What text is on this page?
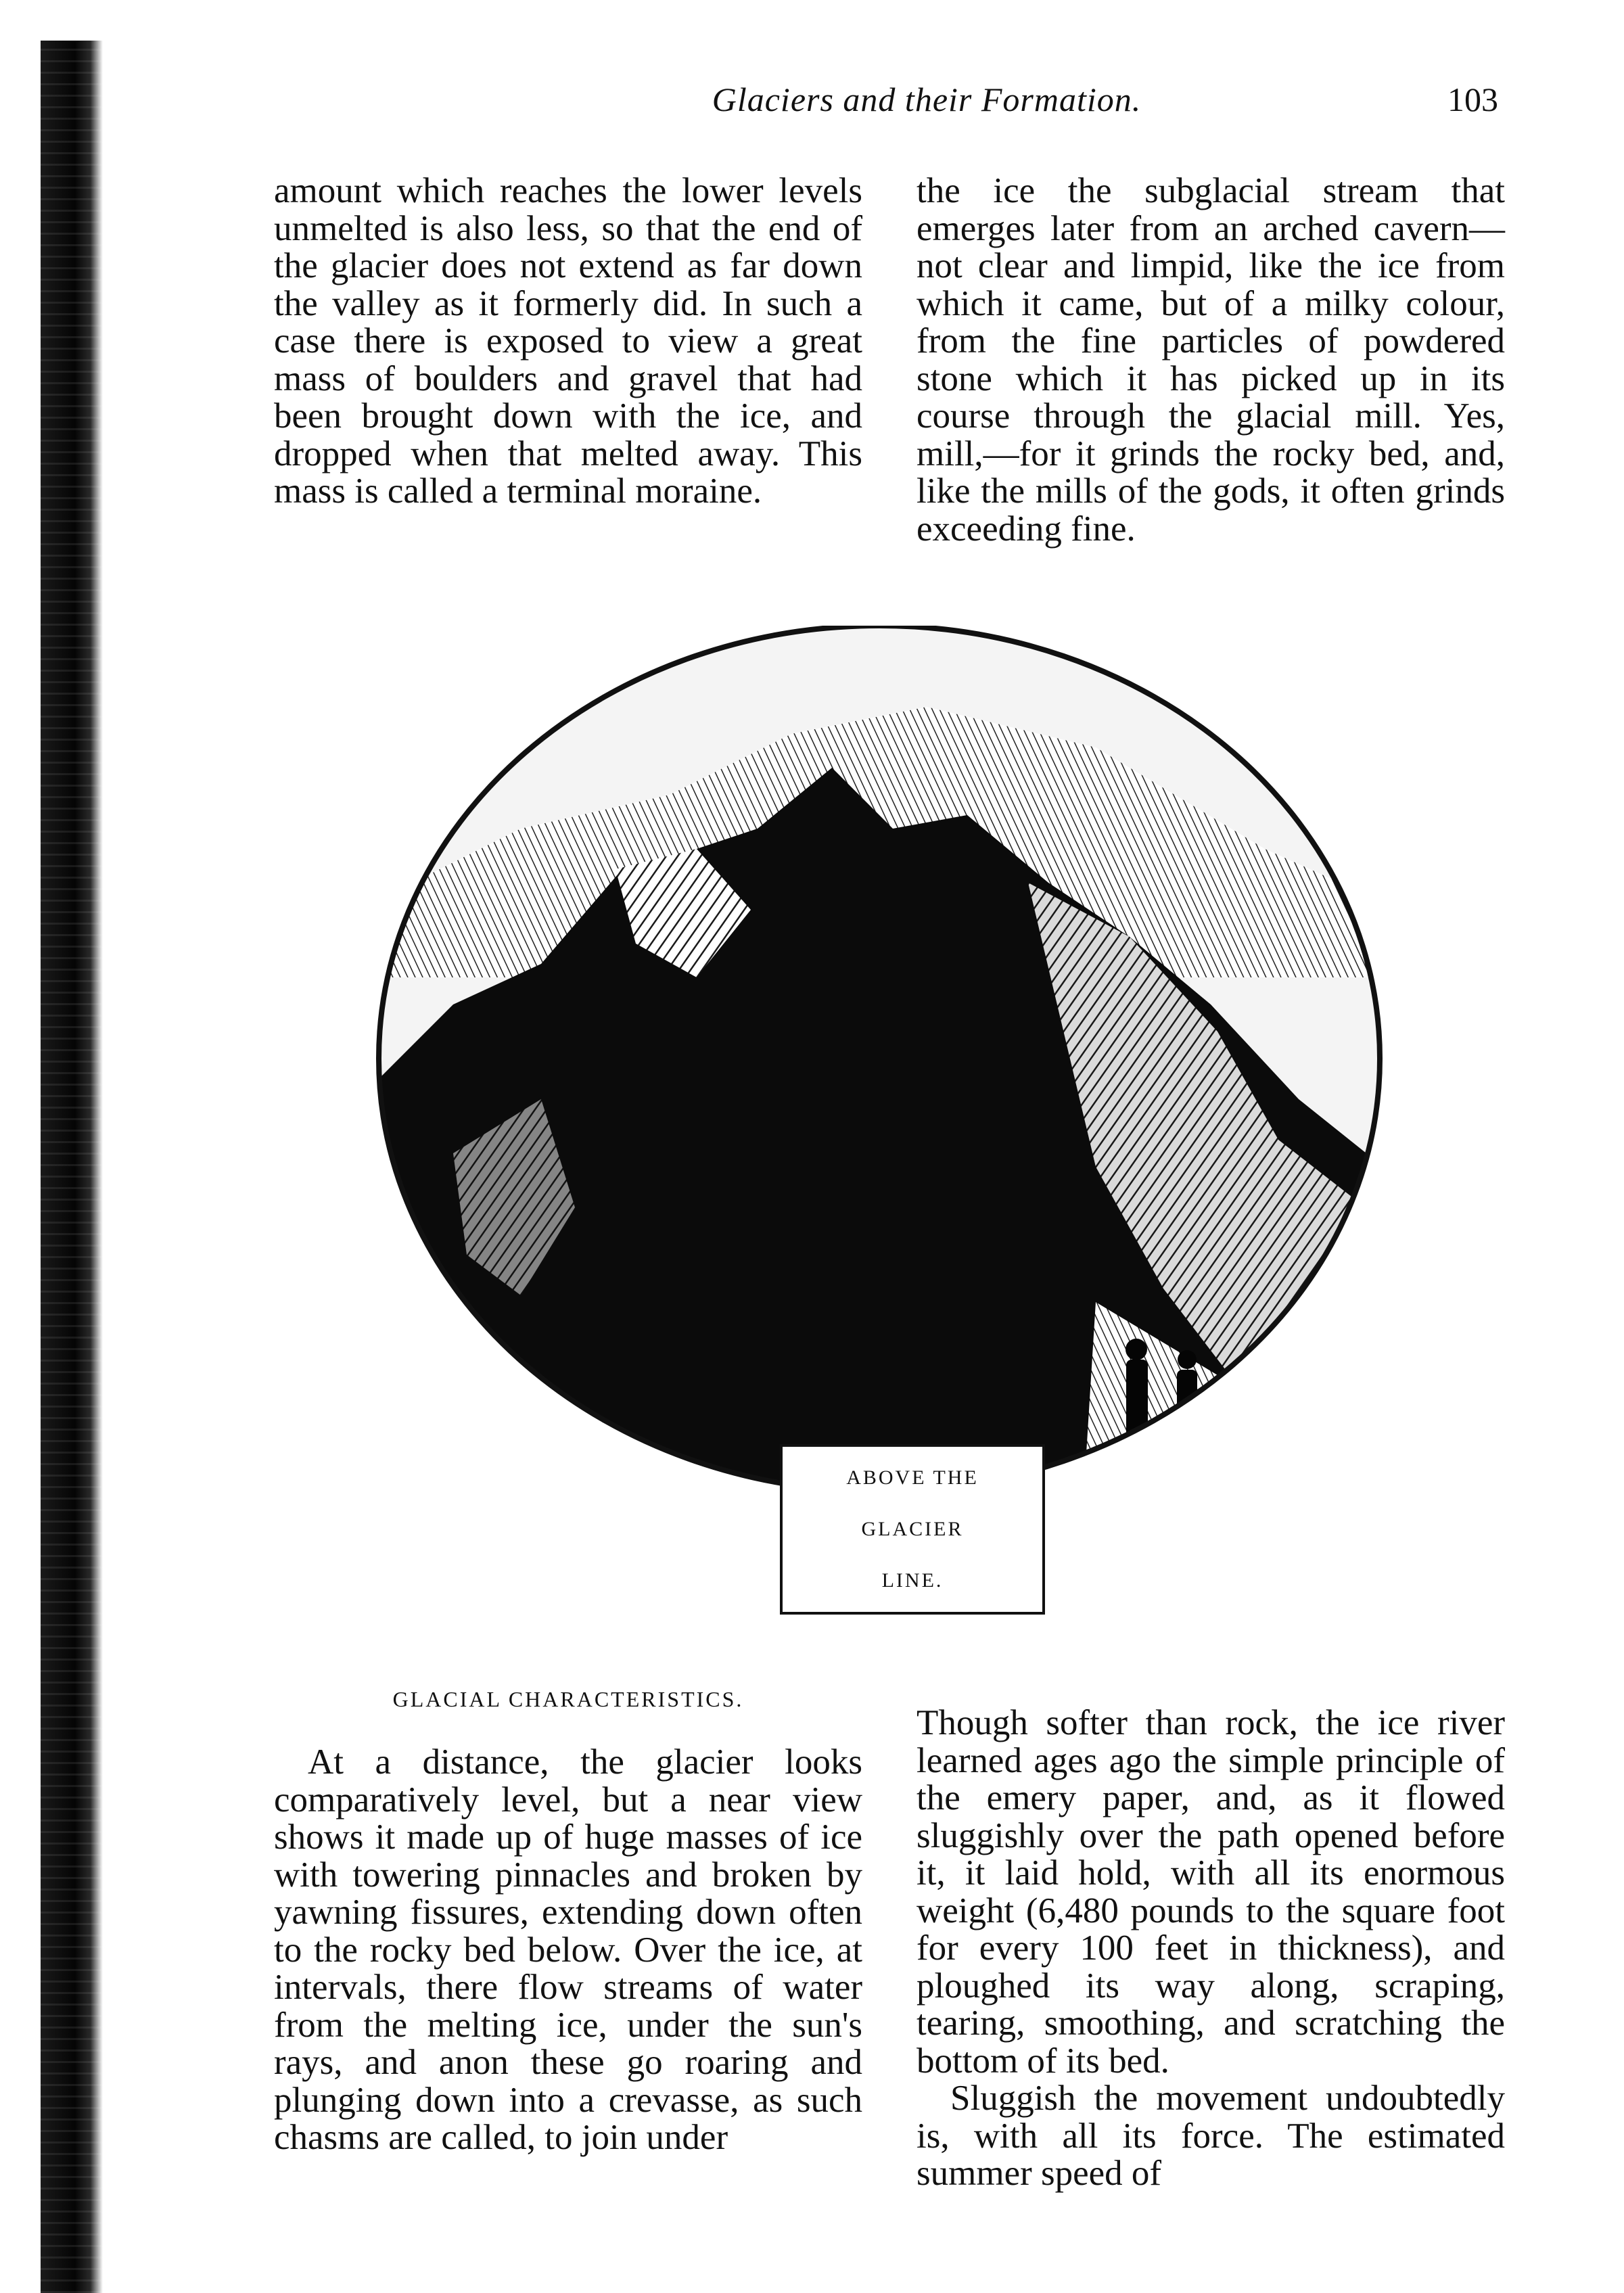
Glaciers and their Formation.	103

amount which reaches the lower levels unmelted is also less, so that the end of the glacier does not extend as far down the valley as it formerly did. In such a case there is exposed to view a great mass of boulders and gravel that had been brought down with the ice, and dropped when that melted away. This mass is called a terminal moraine.

the ice the subglacial stream that emerges later from an arched cavern—not clear and limpid, like the ice from which it came, but of a milky colour, from the fine particles of powdered stone which it has picked up in its course through the glacial mill. Yes, mill,—for it grinds the rocky bed, and, like the mills of the gods, it often grinds exceeding fine.

ABOVE THE
GLACIER
LINE.
GLACIAL CHARACTERISTICS.

At a distance, the glacier looks comparatively level, but a near view shows it made up of huge masses of ice with towering pinnacles and broken by yawning fissures, extending down often to the rocky bed below. Over the ice, at intervals, there flow streams of water from the melting ice, under the sun's rays, and anon these go roaring and plunging down into a crevasse, as such chasms are called, to join under

Though softer than rock, the ice river learned ages ago the simple principle of the emery paper, and, as it flowed sluggishly over the path opened before it, it laid hold, with all its enormous weight (6,480 pounds to the square foot for every 100 feet in thickness), and ploughed its way along, scraping, tearing, smoothing, and scratching the bottom of its bed.

Sluggish the movement undoubtedly is, with all its force. The estimated summer speed of
